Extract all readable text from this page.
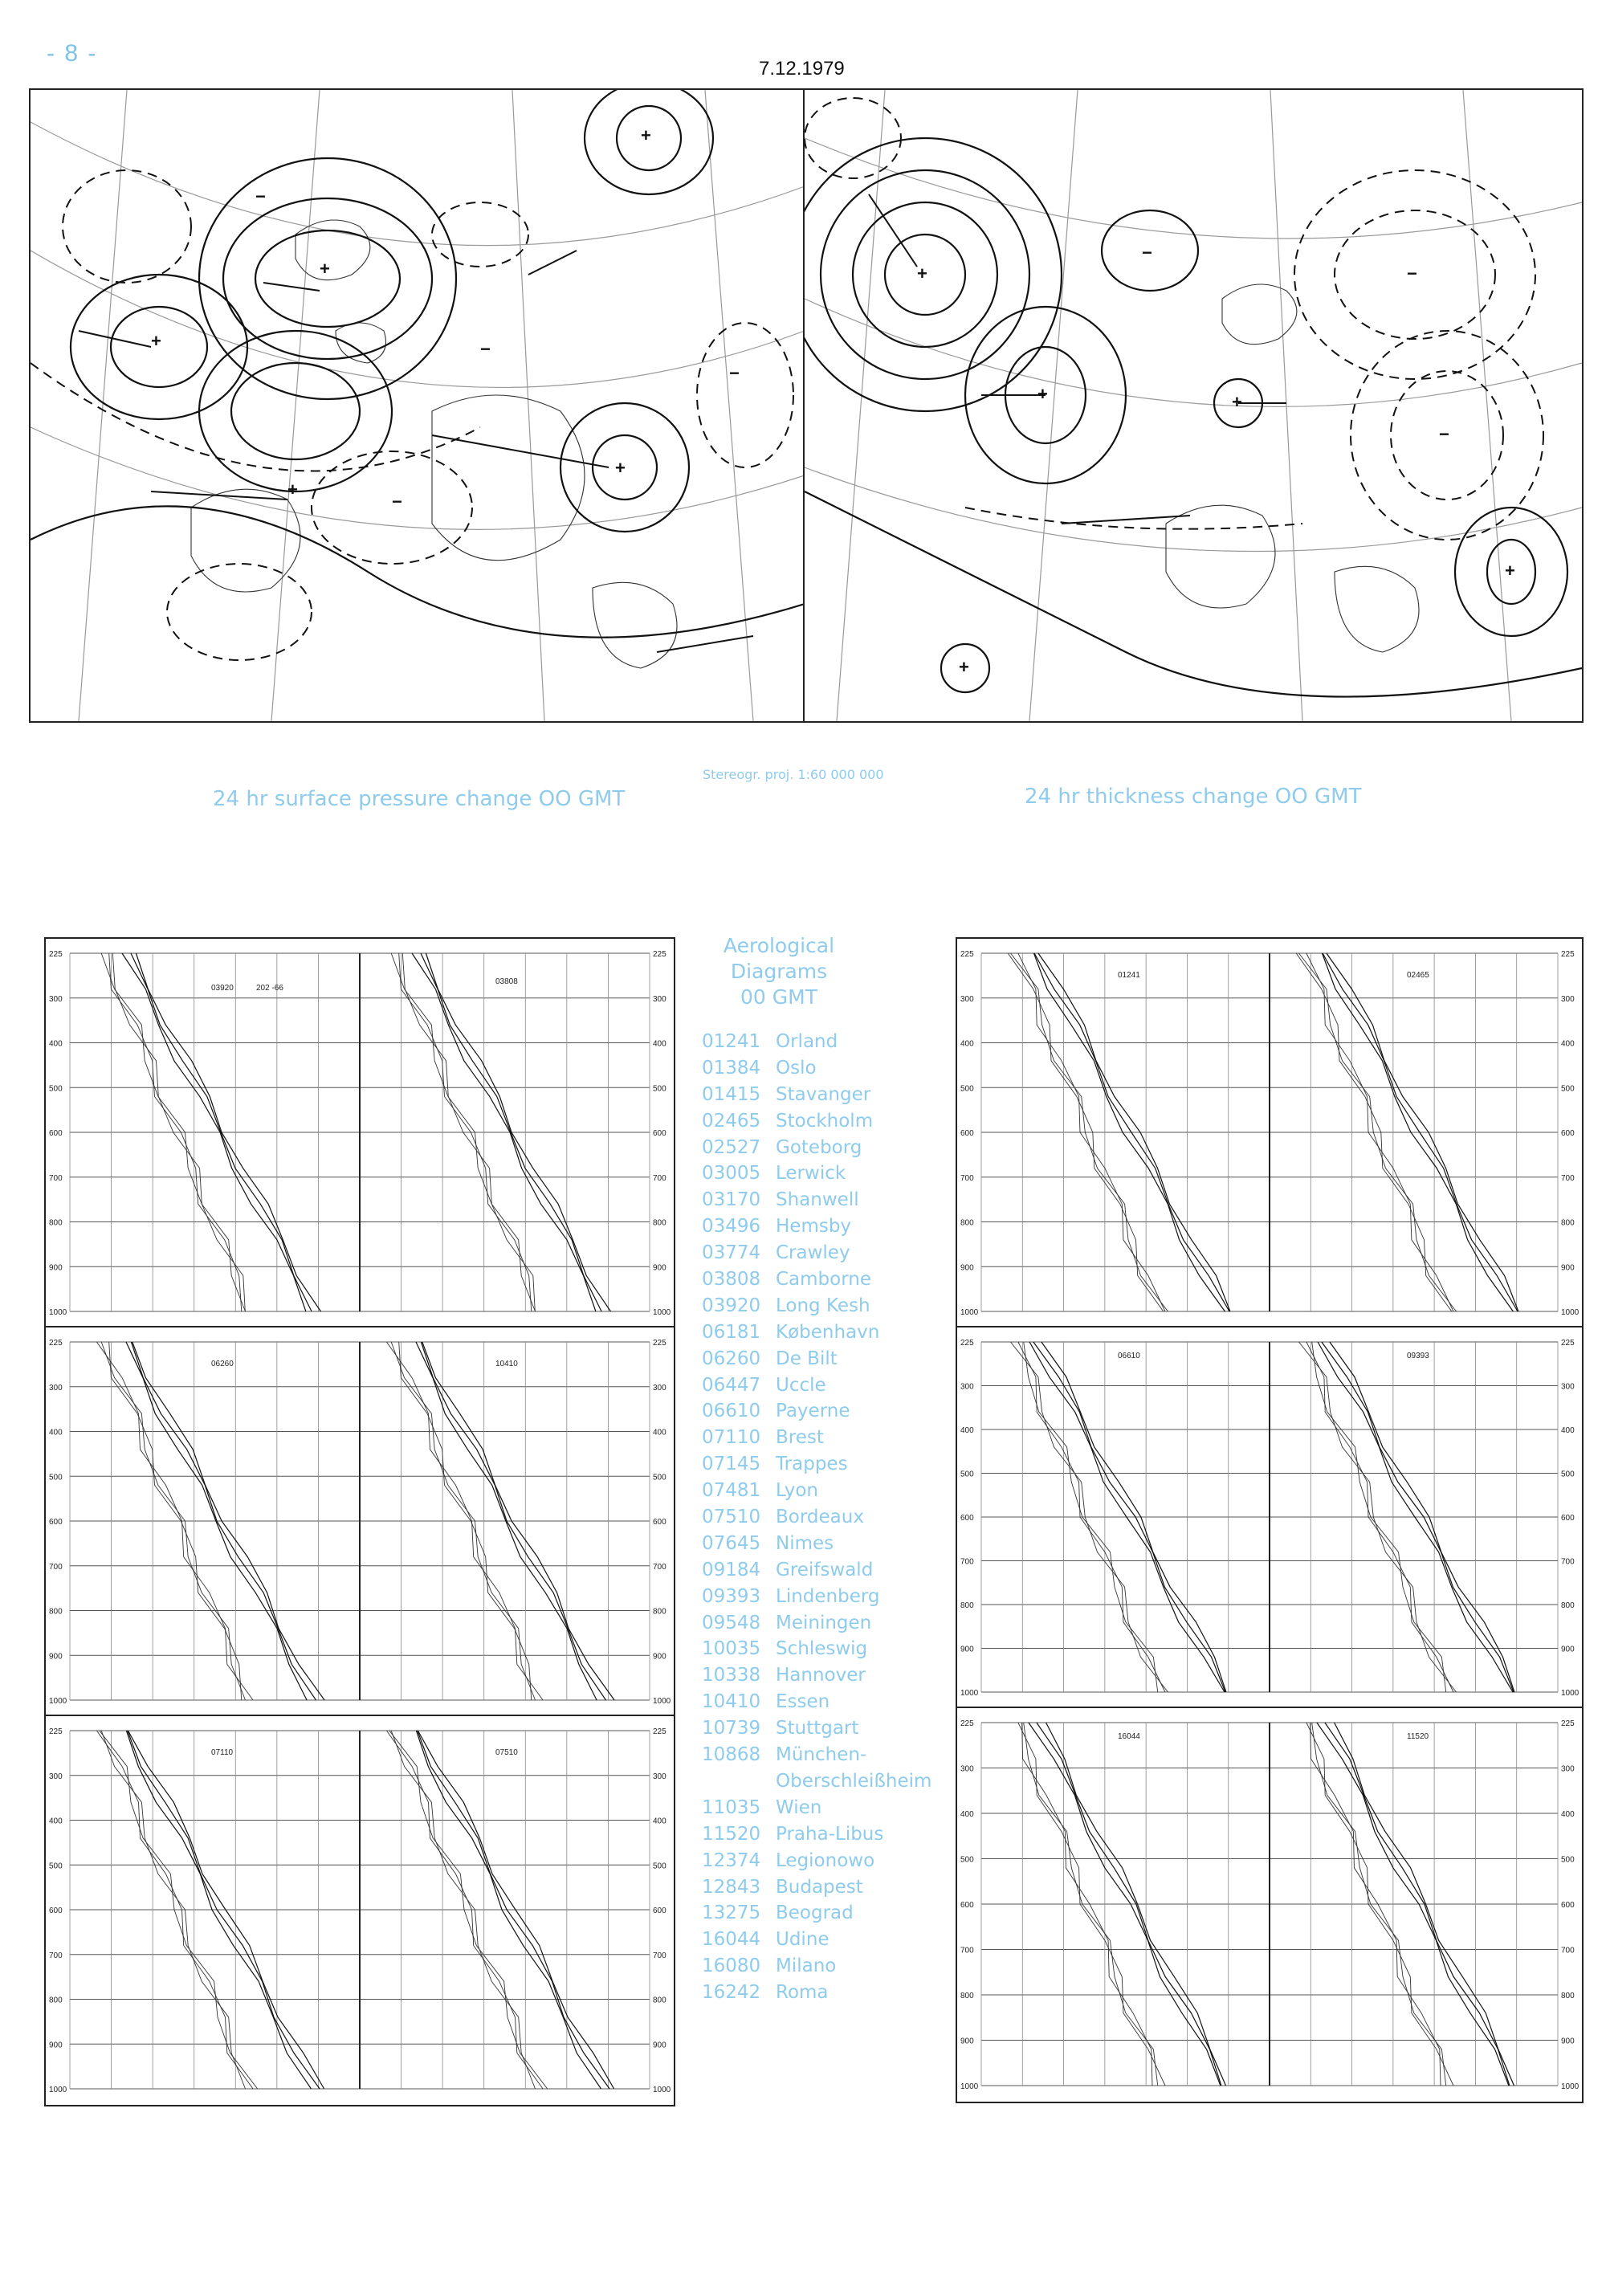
- 8 -
7.12.1979
+
+
+
+
+
−
−
−
−
+
+
+
+
+
−
−
−
24 hr surface pressure change OO GMT
Stereogr. proj. 1:60 000 000
24 hr thickness change OO GMT
225	225
300	300
400	400
500	500
600	600
700	700
800	800
900	900
1000	1000
03920	202 -66
03808
225	225
300	300
400	400
500	500
600	600
700	700
800	800
900	900
1000	1000
06260	10410
225	225
300	300
400	400
500	500
600	600
700	700
800	800
900	900
1000	1000
07110	07510
225	225
300	300
400	400
500	500
600	600
700	700
800	800
900	900
1000	1000
01241	02465
225	225
300	300
400	400
500	500
600	600
700	700
800	800
900	900
1000	1000
06610	09393
225	225
300	300
400	400
500	500
600	600
700	700
800	800
900	900
1000	1000
16044	11520
Aerological
Diagrams
00 GMT
01241 Orland
01384 Oslo
01415 Stavanger
02465 Stockholm
02527 Goteborg
03005 Lerwick
03170 Shanwell
03496 Hemsby
03774 Crawley
03808 Camborne
03920 Long Kesh
06181 København
06260 De Bilt
06447 Uccle
06610 Payerne
07110 Brest
07145 Trappes
07481 Lyon
07510 Bordeaux
07645 Nimes
09184 Greifswald
09393 Lindenberg
09548 Meiningen
10035 Schleswig
10338 Hannover
10410 Essen
10739 Stuttgart
10868 München-
Oberschleißheim
11035 Wien
11520 Praha-Libus
12374 Legionowo
12843 Budapest
13275 Beograd
16044 Udine
16080 Milano
16242 Roma
